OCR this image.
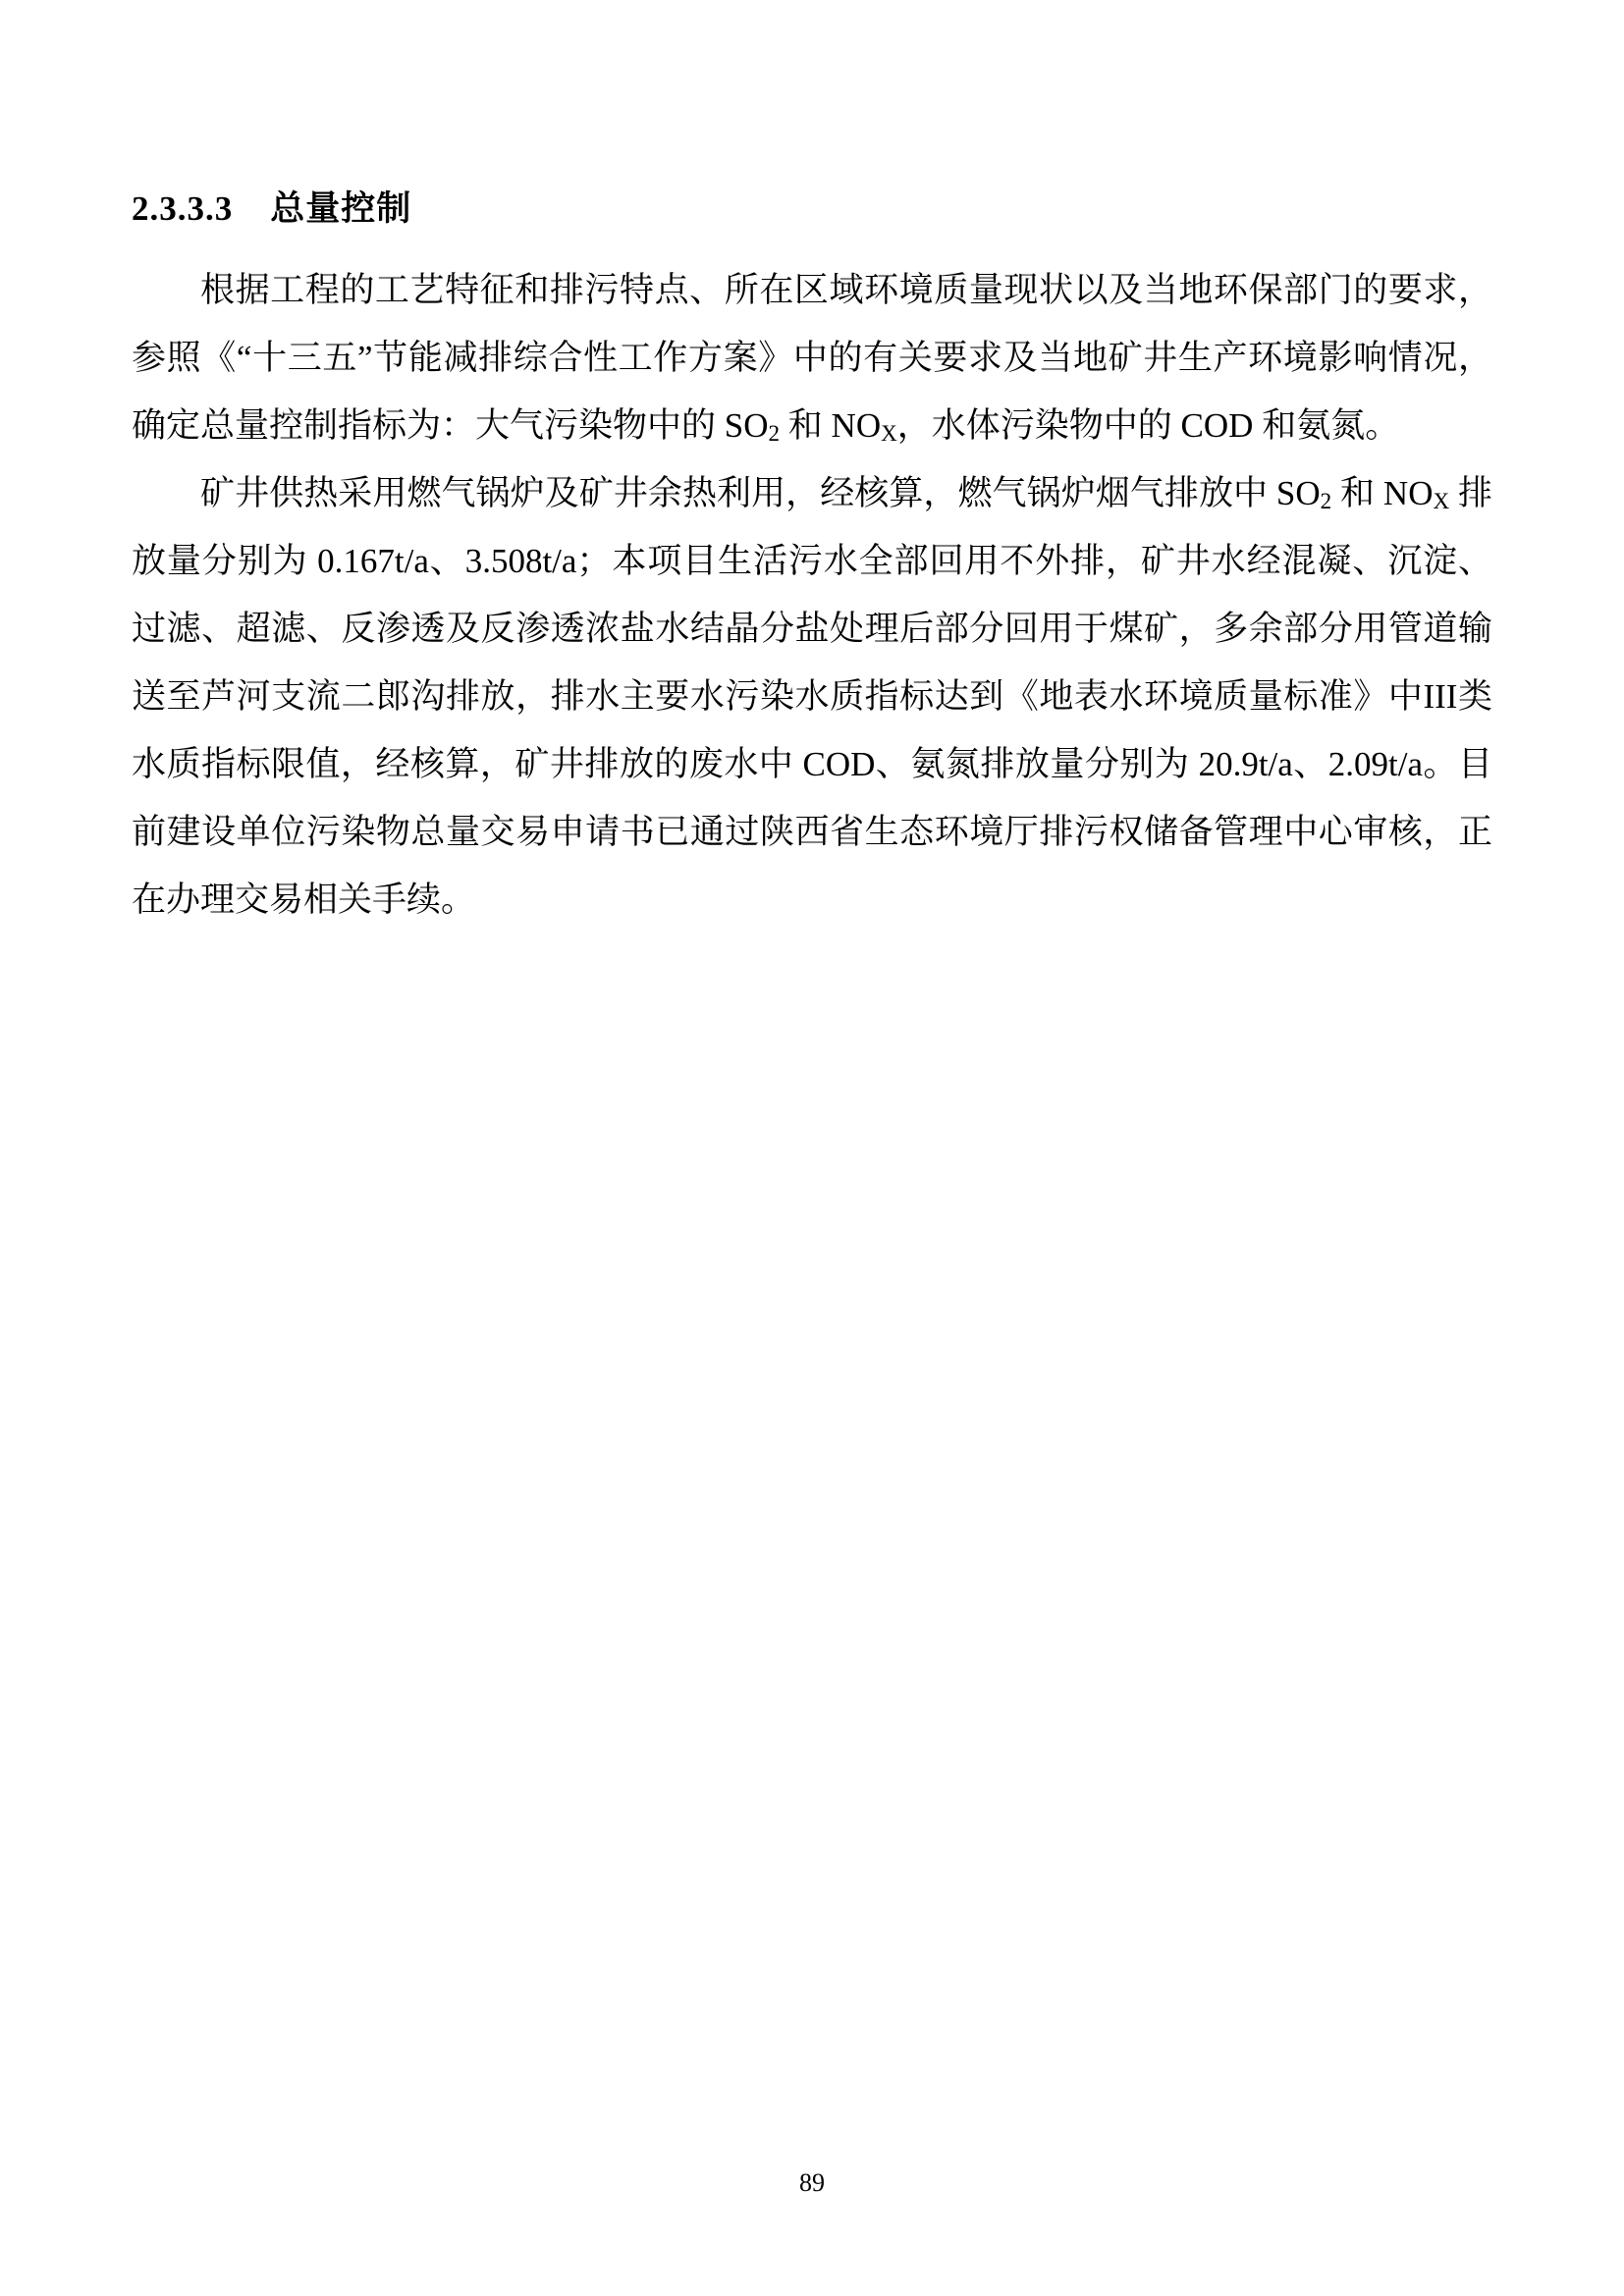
2.3.3.3 总量控制

根据工程的工艺特征和排污特点、所在区域环境质量现状以及当地环保部门的要求，参照《“十三五”节能减排综合性工作方案》中的有关要求及当地矿井生产环境影响情况，确定总量控制指标为：大气污染物中的 $SO_2$ 和 $NO_X$，水体污染物中的 COD 和氨氮。

矿井供热采用燃气锅炉及矿井余热利用，经核算，燃气锅炉烟气排放中 $SO_2$ 和 $NO_X$ 排放量分别为 0.167t/a、3.508t/a；本项目生活污水全部回用不外排，矿井水经混凝、沉淀、过滤、超滤、反渗透及反渗透浓盐水结晶分盐处理后部分回用于煤矿，多余部分用管道输送至芦河支流二郎沟排放，排水主要水污染水质指标达到《地表水环境质量标准》中III类水质指标限值，经核算，矿井排放的废水中 COD、氨氮排放量分别为 20.9t/a、2.09t/a。目前建设单位污染物总量交易申请书已通过陕西省生态环境厅排污权储备管理中心审核，正在办理交易相关手续。

89
